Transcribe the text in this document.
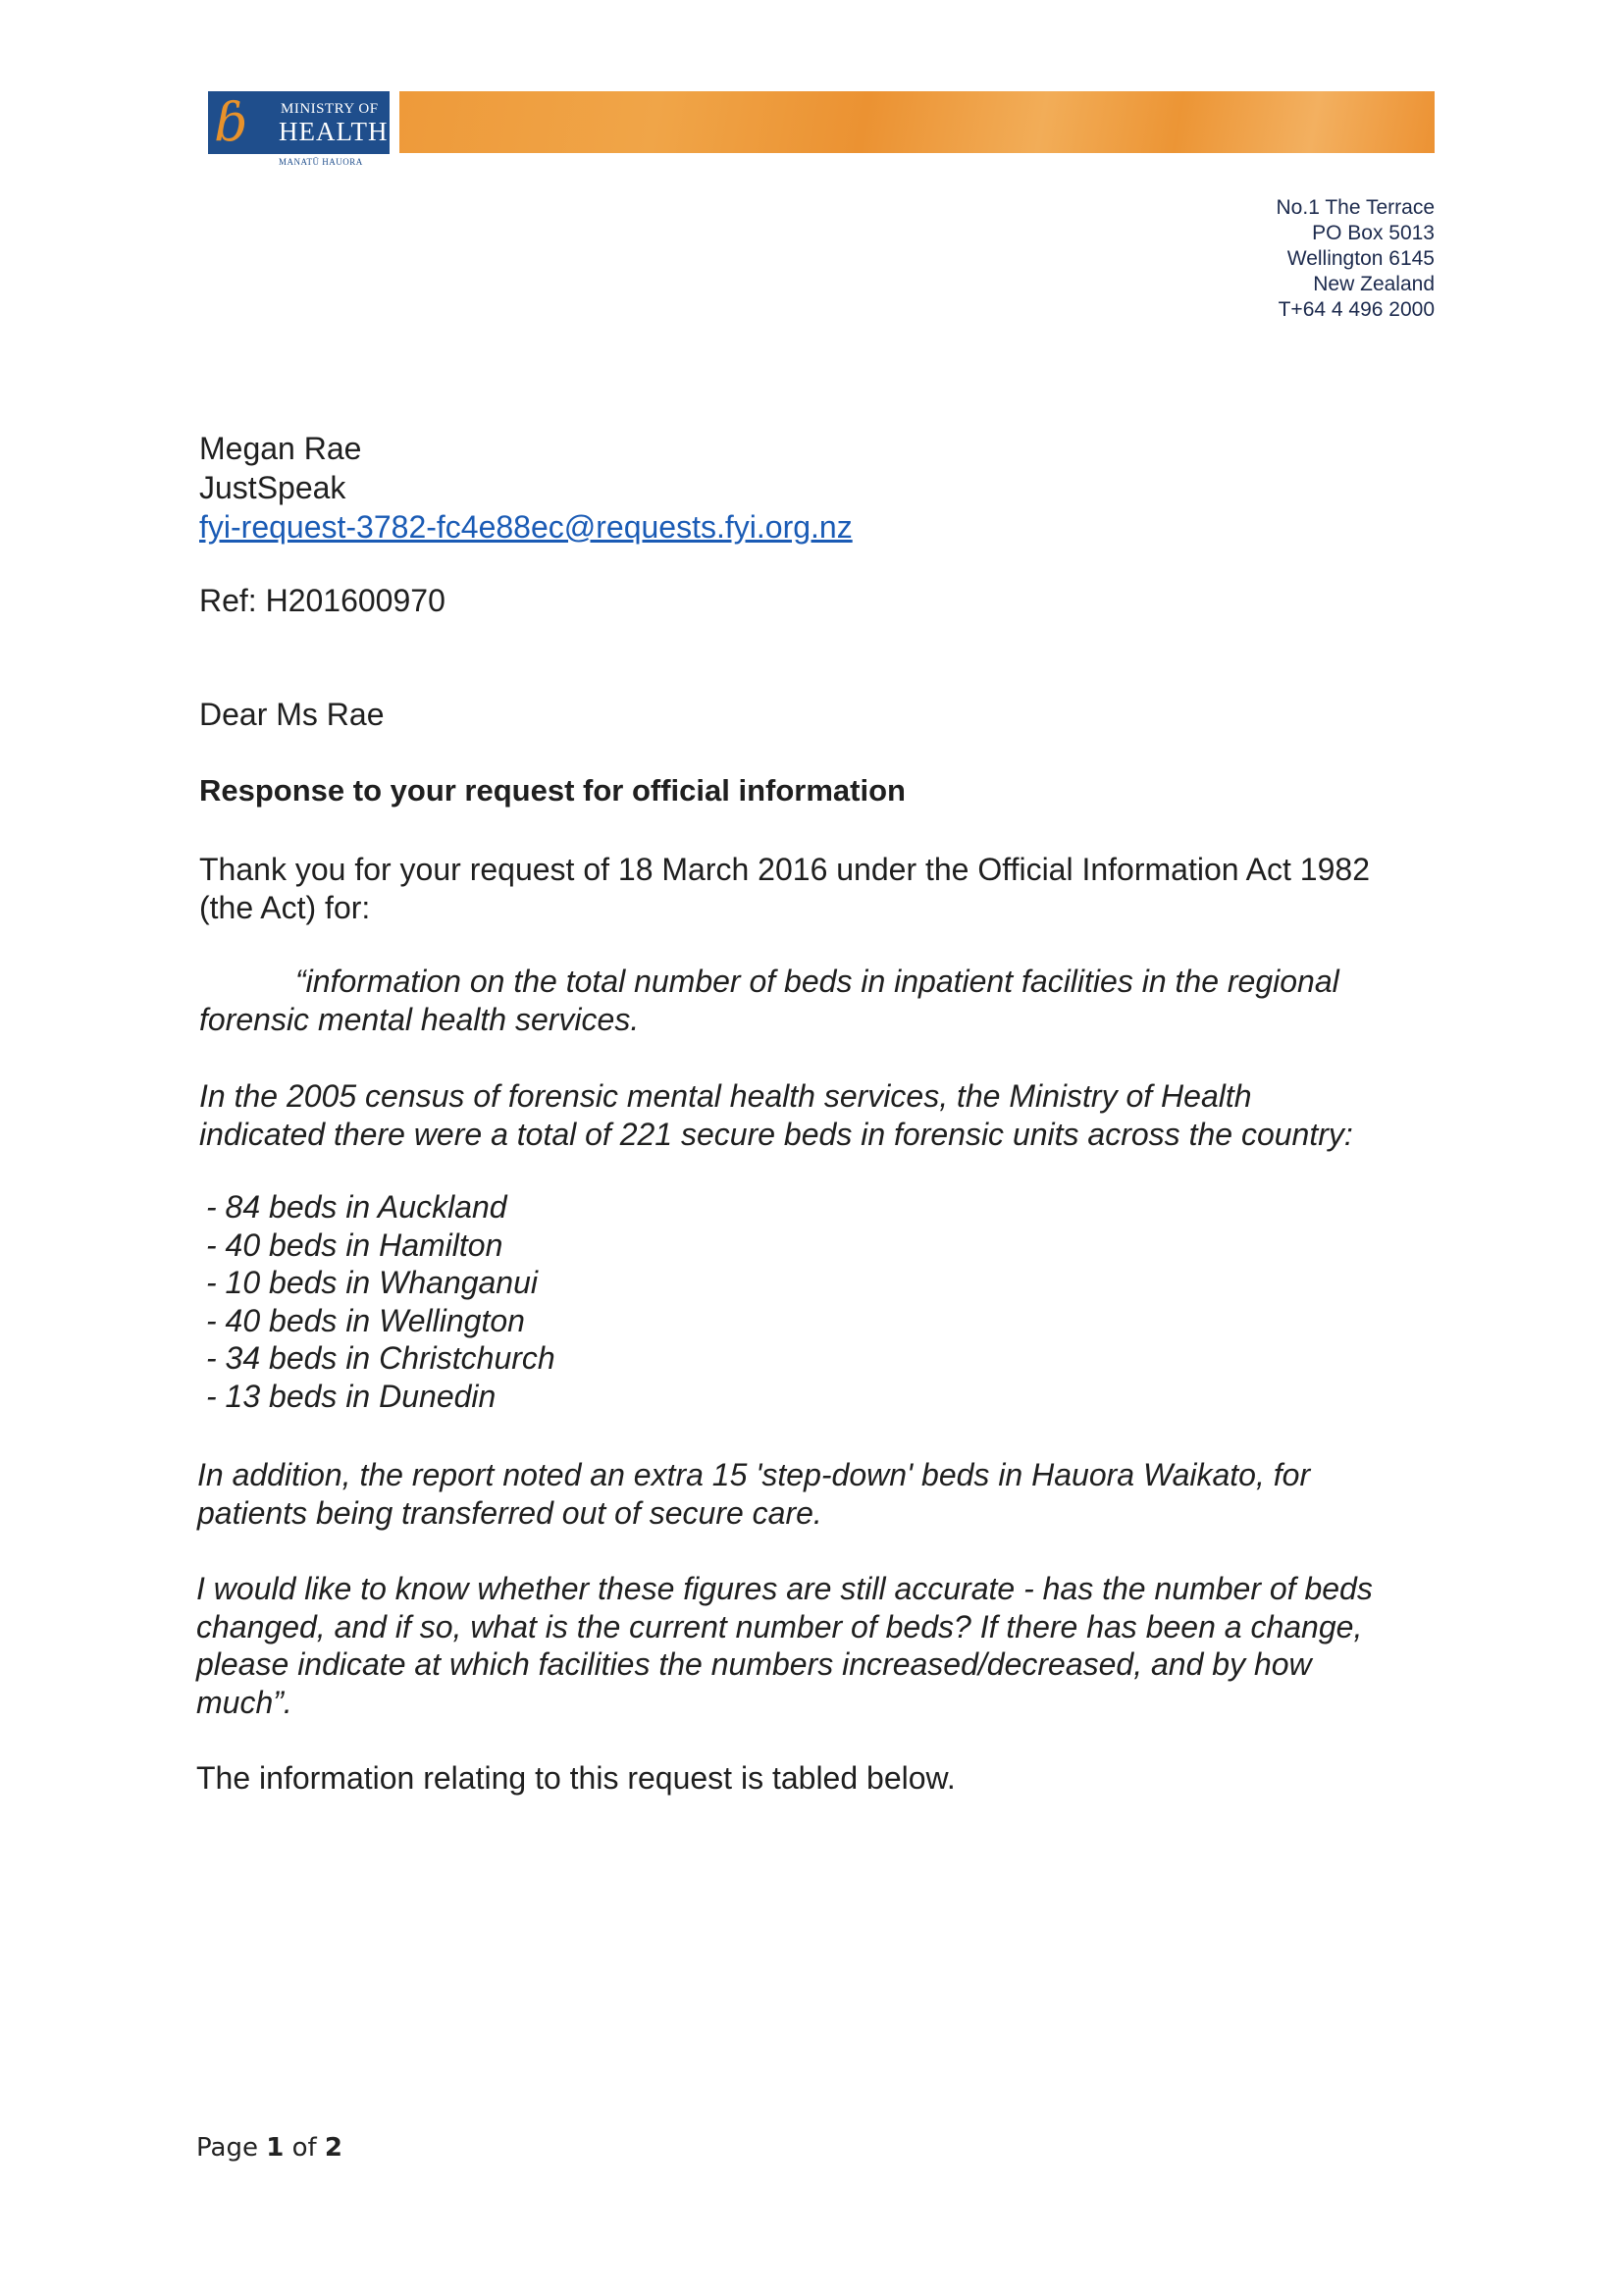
ɓ MINISTRY OF
HEALTH
MANATŪ HAUORA
No.1 The Terrace
PO Box 5013
Wellington 6145
New Zealand
T+64 4 496 2000
Megan Rae
JustSpeak
fyi-request-3782-fc4e88ec@requests.fyi.org.nz
Ref: H201600970
Dear Ms Rae
Response to your request for official information
Thank you for your request of 18 March 2016 under the Official Information Act 1982
(the Act) for:
“information on the total number of beds in inpatient facilities in the regional
forensic mental health services.
In the 2005 census of forensic mental health services, the Ministry of Health
indicated there were a total of 221 secure beds in forensic units across the country:
- 84 beds in Auckland
- 40 beds in Hamilton
- 10 beds in Whanganui
- 40 beds in Wellington
- 34 beds in Christchurch
- 13 beds in Dunedin
In addition, the report noted an extra 15 'step-down' beds in Hauora Waikato, for
patients being transferred out of secure care.
I would like to know whether these figures are still accurate - has the number of beds
changed, and if so, what is the current number of beds? If there has been a change,
please indicate at which facilities the numbers increased/decreased, and by how
much”.
The information relating to this request is tabled below.
Page 1 of 2
